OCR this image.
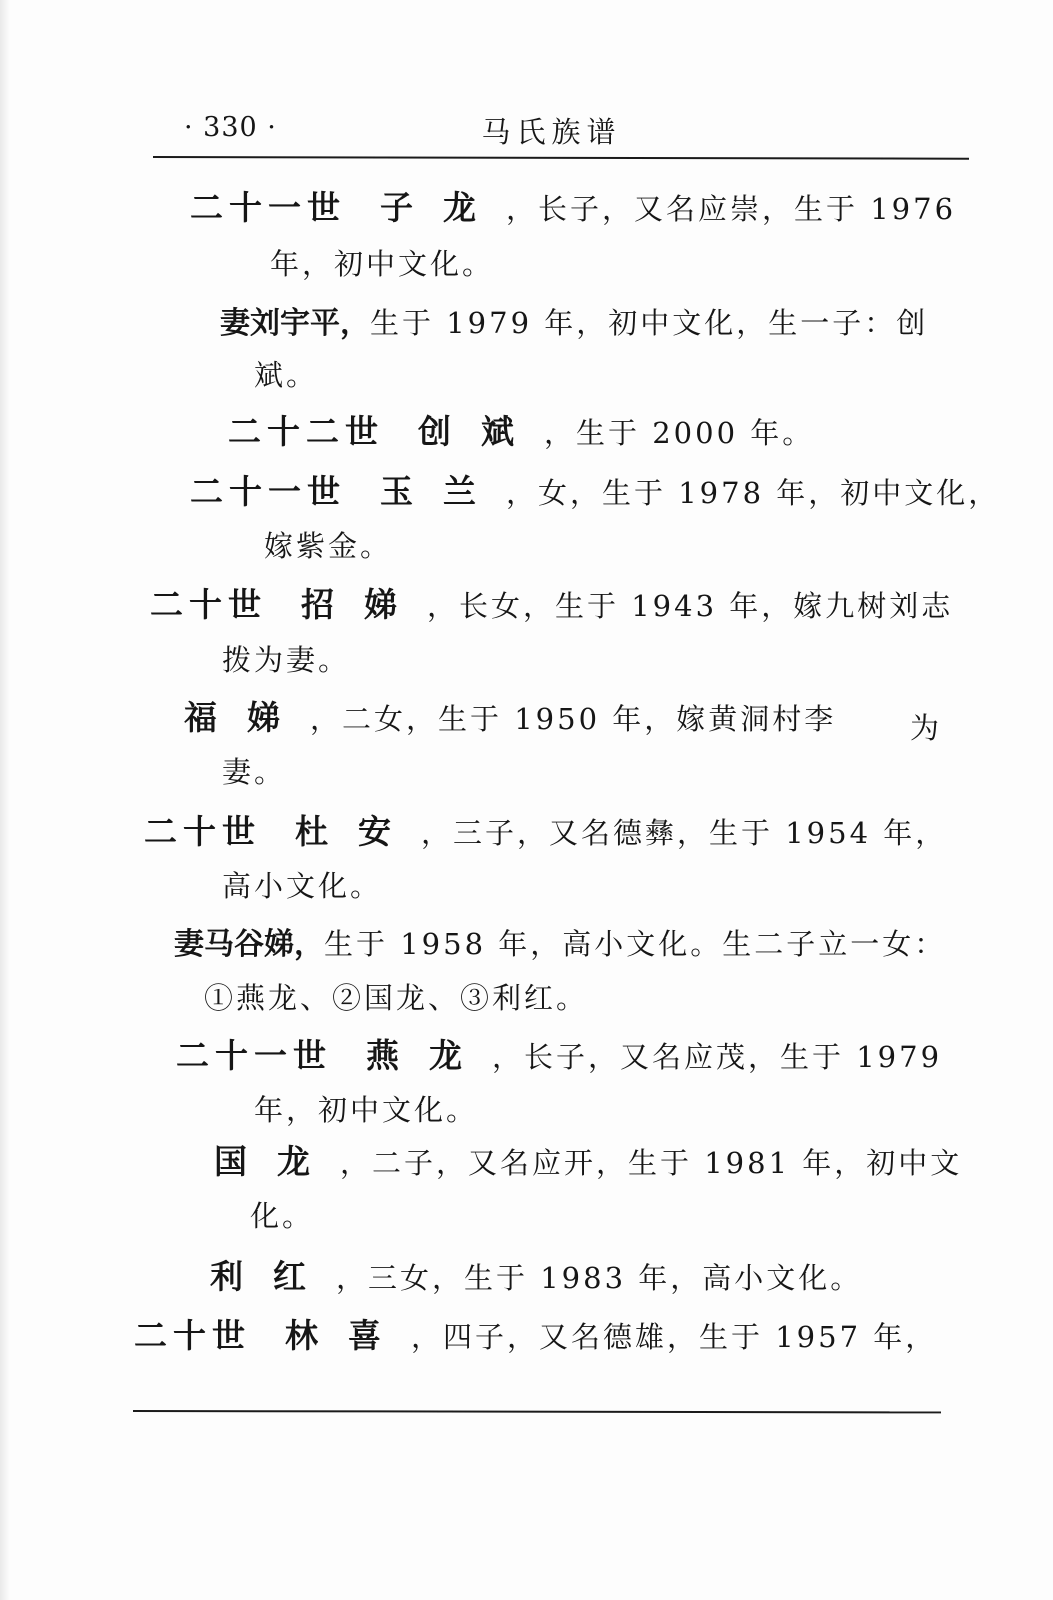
· 330 ·	马氏族谱
二十一世 子龙，长子，又名应崇，生于 1976
年，初中文化。
妻刘宇平，生于 1979 年，初中文化，生一子：创
斌。
二十二世 创斌，生于 2000 年。
二十一世 玉兰，女，生于 1978 年，初中文化，
嫁紫金。
二十世 招娣，长女，生于 1943 年，嫁九树刘志
拨为妻。
福娣，二女，生于 1950 年，嫁黄洞村李	为
妻。
二十世 杜安，三子，又名德彝，生于 1954 年，
高小文化。
妻马谷娣，生于 1958 年，高小文化。生二子立一女：
①燕龙、②国龙、③利红。
二十一世 燕龙，长子，又名应茂，生于 1979
年，初中文化。
国龙，二子，又名应开，生于 1981 年，初中文
化。
利红，三女，生于 1983 年，高小文化。
二十世 林喜，四子，又名德雄，生于 1957 年，
